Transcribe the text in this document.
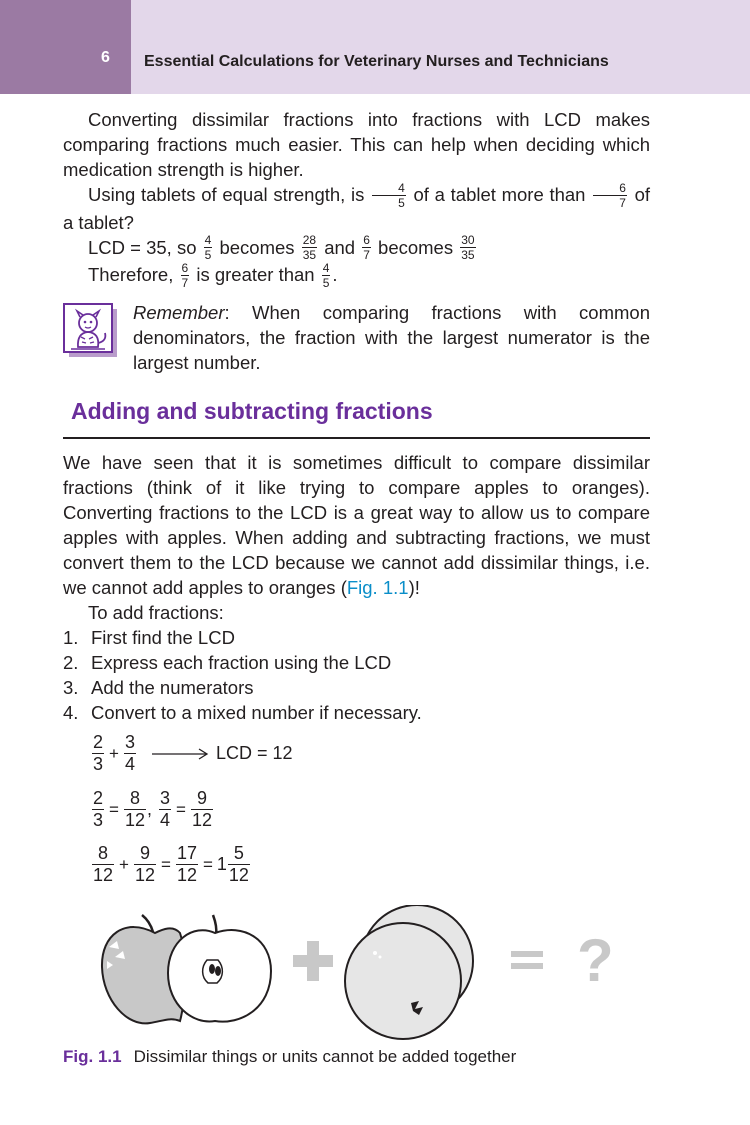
6 Essential Calculations for Veterinary Nurses and Technicians

Converting dissimilar fractions into fractions with LCD makes comparing fractions much easier. This can help when deciding which medication strength is higher.

Using tablets of equal strength, is $\frac{4}{5}$ of a tablet more than $\frac{6}{7}$ of a tablet?

LCD = 35, so $\frac{4}{5}$ becomes $\frac{28}{35}$ and $\frac{6}{7}$ becomes $\frac{30}{35}$

Therefore, $\frac{6}{7}$ is greater than $\frac{4}{5}$ .

Remember: When comparing fractions with common denominators, the fraction with the largest numerator is the largest number.

Adding and subtracting fractions

We have seen that it is sometimes difficult to compare dissimilar fractions (think of it like trying to compare apples to oranges). Converting fractions to the LCD is a great way to allow us to compare apples with apples. When adding and subtracting fractions, we must convert them to the LCD because we cannot add dissimilar things, i.e. we cannot add apples to oranges (Fig. 1.1)!

To add fractions:

1. First find the LCD
2. Express each fraction using the LCD
3. Add the numerators
4. Convert to a mixed number if necessary.
$\frac{2}{3} + \frac{3}{4}$	LCD = 12
$\frac{2}{3} = \frac{8}{12}$ , $\frac{3}{4} = \frac{9}{12}$
$\frac{8}{12} + \frac{9}{12} = \frac{17}{12} = 1 \frac{5}{12}$
?
Fig. 1.1 Dissimilar things or units cannot be added together
